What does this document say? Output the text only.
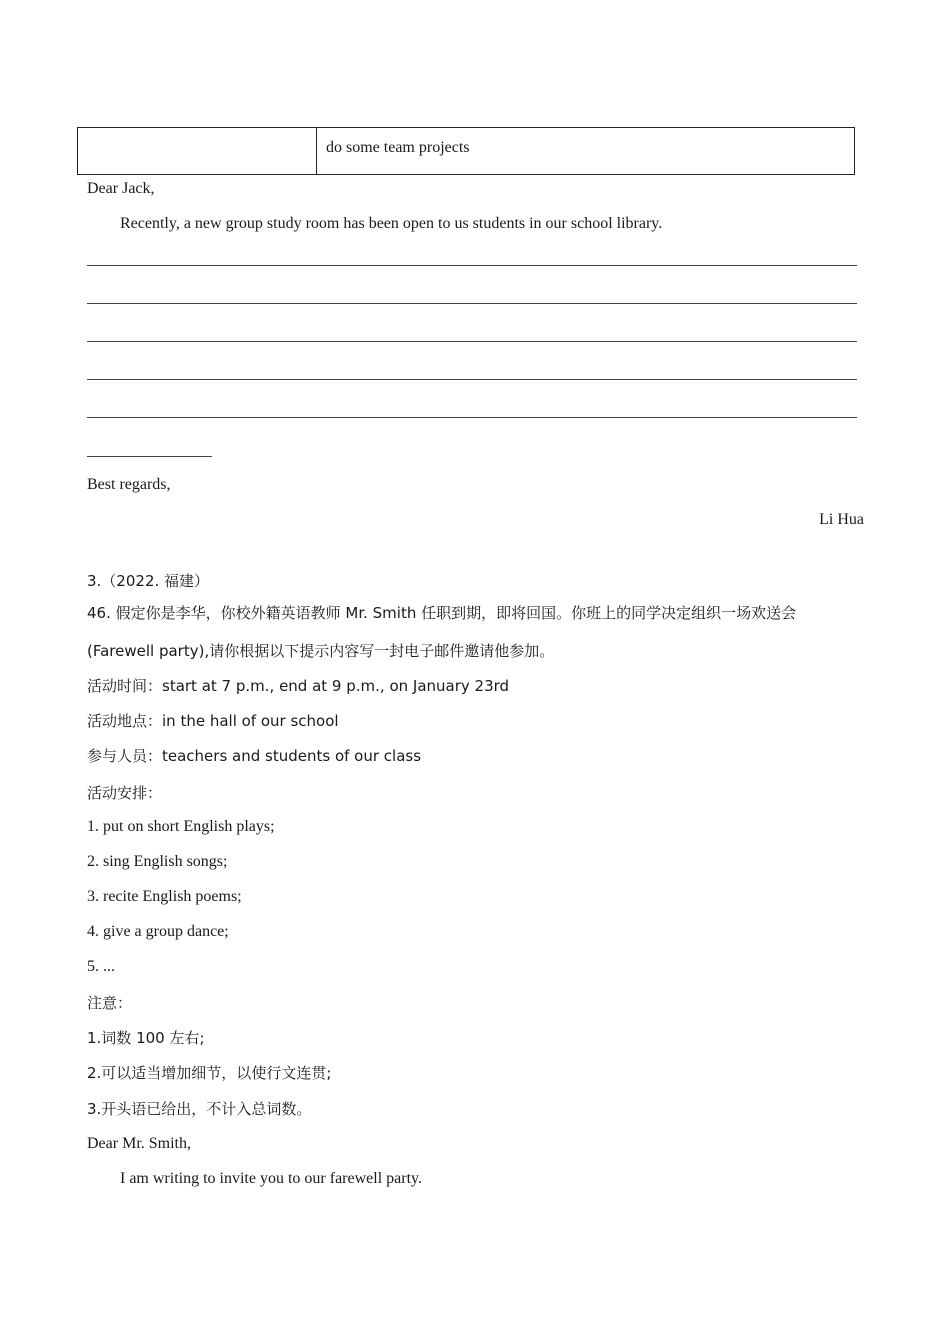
	do some team projects
Dear Jack,
Recently, a new group study room has been open to us students in our school library.
Best regards,
Li Hua
3.（2022. 福建）
46. 假定你是李华，你校外籍英语教师 Mr. Smith 任职到期，即将回国。你班上的同学决定组织一场欢送会
(Farewell party),请你根据以下提示内容写一封电子邮件邀请他参加。
活动时间：start at 7 p.m., end at 9 p.m., on January 23rd
活动地点：in the hall of our school
参与人员：teachers and students of our class
活动安排：
1. put on short English plays;
2. sing English songs;
3. recite English poems;
4. give a group dance;
5. ...
注意：
1.词数 100 左右;
2.可以适当增加细节，以使行文连贯;
3.开头语已给出，不计入总词数。
Dear Mr. Smith,
I am writing to invite you to our farewell party.
